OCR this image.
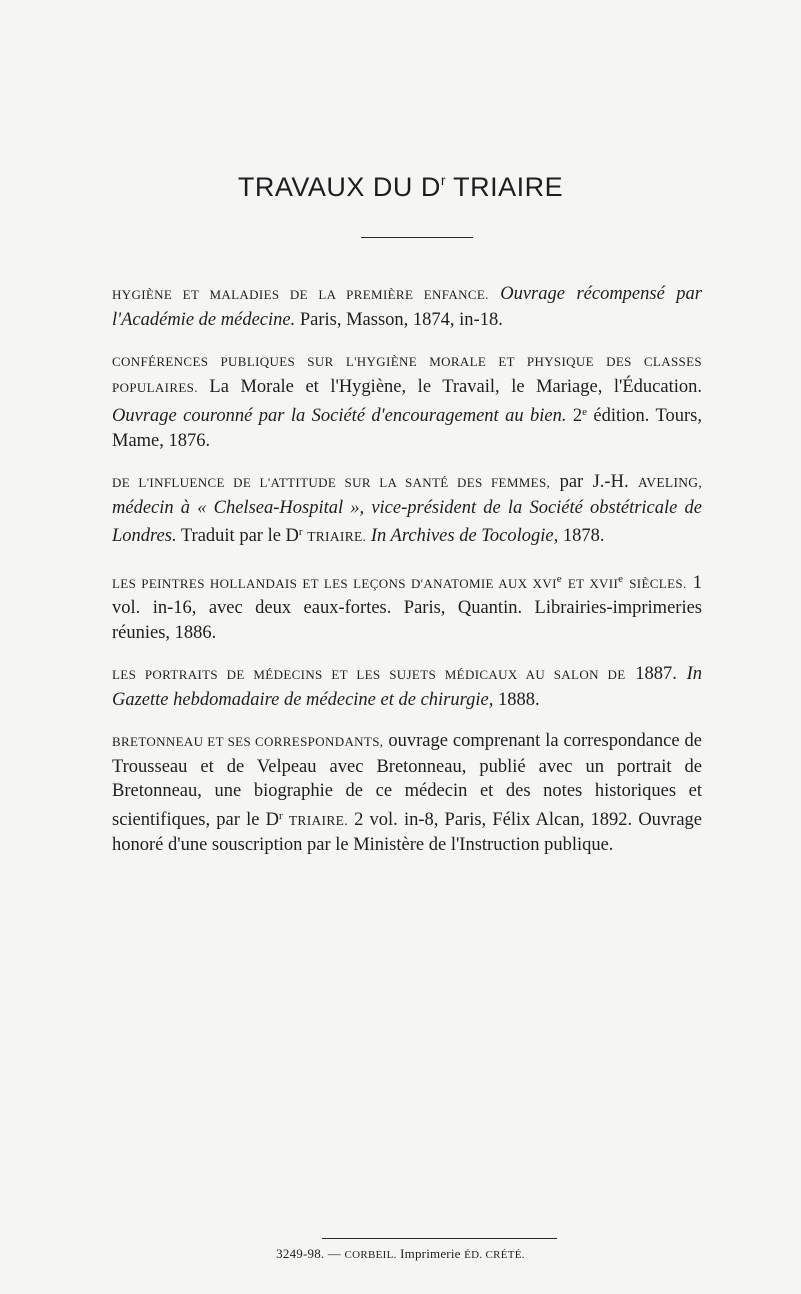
TRAVAUX DU $D^r$ TRIAIRE

HYGIÈNE ET MALADIES DE LA PREMIÈRE ENFANCE. Ouvrage récompensé par l'Académie de médecine. Paris, Masson, 1874, in-18.

CONFÉRENCES PUBLIQUES SUR L'HYGIÈNE MORALE ET PHYSIQUE DES CLASSES POPULAIRES. La Morale et l'Hygiène, le Travail, le Mariage, l'Éducation. Ouvrage couronné par la Société d'encouragement au bien. 2e édition. Tours, Mame, 1876.

DE L'INFLUENCE DE L'ATTITUDE SUR LA SANTÉ DES FEMMES, par J.-H. AVELING, médecin à « Chelsea-Hospital », vice-président de la Société obstétricale de Londres. Traduit par le $D^r$ TRIAIRE. In Archives de Tocologie, 1878.

LES PEINTRES HOLLANDAIS ET LES LEÇONS D'ANATOMIE AUX XVIe ET XVIIe SIÈCLES. 1 vol. in-16, avec deux eaux-fortes. Paris, Quantin. Librairies-imprimeries réunies, 1886.

LES PORTRAITS DE MÉDECINS ET LES SUJETS MÉDICAUX AU SALON DE 1887. In Gazette hebdomadaire de médecine et de chirurgie, 1888.

BRETONNEAU ET SES CORRESPONDANTS, ouvrage comprenant la correspondance de Trousseau et de Velpeau avec Bretonneau, publié avec un portrait de Bretonneau, une biographie de ce médecin et des notes historiques et scientifiques, par le $D^r$ TRIAIRE. 2 vol. in-8, Paris, Félix Alcan, 1892. Ouvrage honoré d'une souscription par le Ministère de l'Instruction publique.

3249-98. — CORBEIL. Imprimerie ÉD. CRÉTÉ.
